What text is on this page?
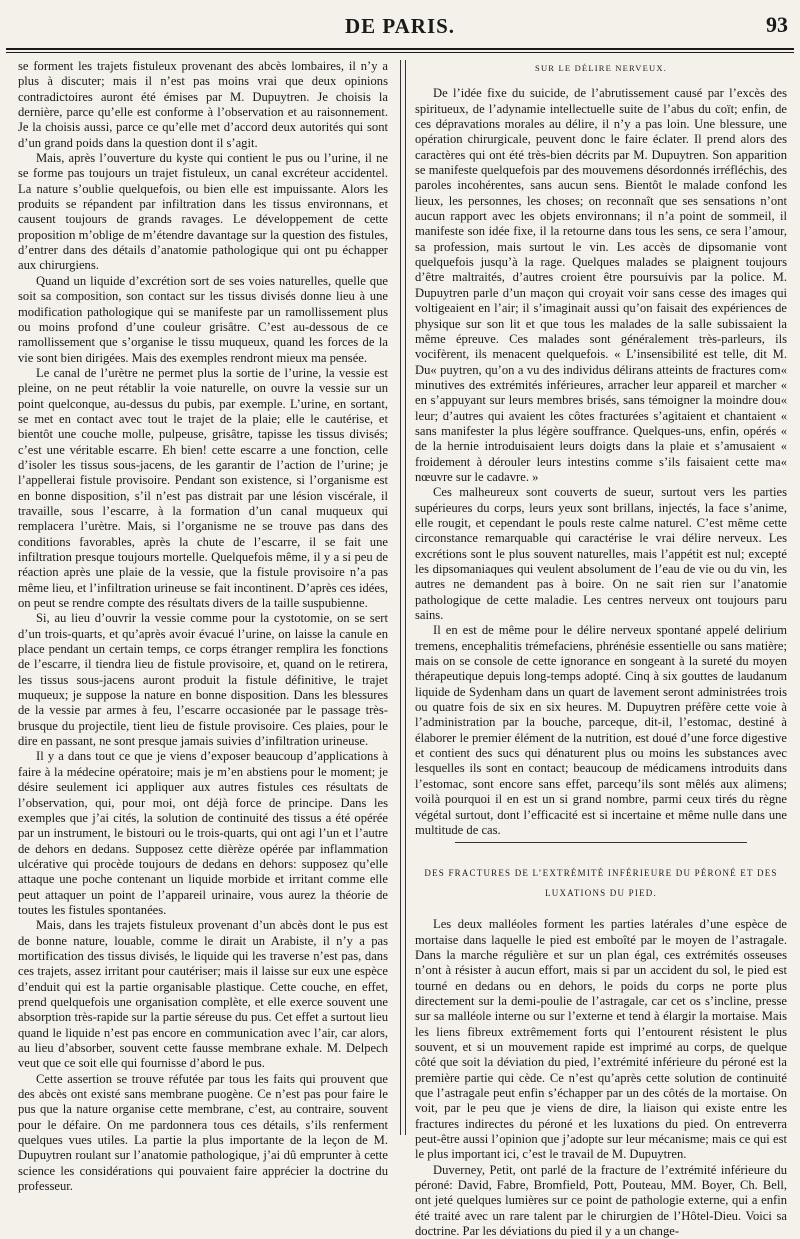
DE PARIS.	93

se forment les trajets fistuleux provenant des abcès lombaires, il n’y a plus à discuter; mais il n’est pas moins vrai que deux opinions contradictoires auront été émises par M. Dupuytren. Je choisis la dernière, parce qu’elle est conforme à l’observation et au raisonnement. Je la choisis aussi, parce ce qu’elle met d’accord deux autorités qui sont d’un grand poids dans la question dont il s’agit.

Mais, après l’ouverture du kyste qui contient le pus ou l’urine, il ne se forme pas toujours un trajet fistuleux, un canal excréteur accidentel. La nature s’oublie quelquefois, ou bien elle est impuissante. Alors les produits se répandent par infiltration dans les tissus environnans, et causent toujours de grands ravages. Le développement de cette proposition m’oblige de m’étendre davantage sur la question des fistules, d’entrer dans des détails d’anatomie pathologique qui ont pu échapper aux chirurgiens.

Quand un liquide d’excrétion sort de ses voies naturelles, quelle que soit sa composition, son contact sur les tissus divisés donne lieu à une modification pathologique qui se manifeste par un ramollissement plus ou moins profond d’une couleur grisâtre. C’est au-dessous de ce ramollissement que s’organise le tissu muqueux, quand les forces de la vie sont bien dirigées. Mais des exemples rendront mieux ma pensée.

Le canal de l’urètre ne permet plus la sortie de l’urine, la vessie est pleine, on ne peut rétablir la voie naturelle, on ouvre la vessie sur un point quelconque, au-dessus du pubis, par exemple. L’urine, en sortant, se met en contact avec tout le trajet de la plaie; elle le cautérise, et bientôt une couche molle, pulpeuse, grisâtre, tapisse les tissus divisés; c’est une véritable escarre. Eh bien! cette escarre a une fonction, celle d’isoler les tissus sous-jacens, de les garantir de l’action de l’urine; je l’appellerai fistule provisoire. Pendant son existence, si l’organisme est en bonne disposition, s’il n’est pas distrait par une lésion viscérale, il travaille, sous l’escarre, à la formation d’un canal muqueux qui remplacera l’urètre. Mais, si l’organisme ne se trouve pas dans des conditions favorables, après la chute de l’escarre, il se fait une infiltration presque toujours mortelle. Quelquefois même, il y a si peu de réaction après une plaie de la vessie, que la fistule provisoire n’a pas même lieu, et l’infiltration urineuse se fait incontinent. D’après ces idées, on peut se rendre compte des résultats divers de la taille suspubienne.

Si, au lieu d’ouvrir la vessie comme pour la cystotomie, on se sert d’un trois-quarts, et qu’après avoir évacué l’urine, on laisse la canule en place pendant un certain temps, ce corps étranger remplira les fonctions de l’escarre, il tiendra lieu de fistule provisoire, et, quand on le retirera, les tissus sous-jacens auront produit la fistule définitive, le trajet muqueux; je suppose la nature en bonne disposition. Dans les blessures de la vessie par armes à feu, l’escarre occasionée par le passage très-brusque du projectile, tient lieu de fistule provisoire. Ces plaies, pour le dire en passant, ne sont presque jamais suivies d’infiltration urineuse.

Il y a dans tout ce que je viens d’exposer beaucoup d’applications à faire à la médecine opératoire; mais je m’en abstiens pour le moment; je désire seulement ici appliquer aux autres fistules ces résultats de l’observation, qui, pour moi, ont déjà force de principe. Dans les exemples que j’ai cités, la solution de continuité des tissus a été opérée par un instrument, le bistouri ou le trois-quarts, qui ont agi l’un et l’autre de dehors en dedans. Supposez cette dièrèze opérée par inflammation ulcérative qui procède toujours de dedans en dehors: supposez qu’elle attaque une poche contenant un liquide morbide et irritant comme elle peut attaquer un point de l’appareil urinaire, vous aurez la théorie de toutes les fistules spontanées.

Mais, dans les trajets fistuleux provenant d’un abcès dont le pus est de bonne nature, louable, comme le dirait un Arabiste, il n’y a pas mortification des tissus divisés, le liquide qui les traverse n’est pas, dans ces trajets, assez irritant pour cautériser; mais il laisse sur eux une espèce d’enduit qui est la partie organisable plastique. Cette couche, en effet, prend quelquefois une organisation complète, et elle exerce souvent une absorption très-rapide sur la partie séreuse du pus. Cet effet a surtout lieu quand le liquide n’est pas encore en communication avec l’air, car alors, au lieu d’absorber, souvent cette fausse membrane exhale. M. Delpech veut que ce soit elle qui fournisse d’abord le pus.

Cette assertion se trouve réfutée par tous les faits qui prouvent que des abcès ont existé sans membrane puogène. Ce n’est pas pour faire le pus que la nature organise cette membrane, c’est, au contraire, souvent pour le défaire. On me pardonnera tous ces détails, s’ils renferment quelques vues utiles. La partie la plus importante de la leçon de M. Dupuytren roulant sur l’anatomie pathologique, j’ai dû emprunter à cette science les considérations qui pouvaient faire apprécier la doctrine du professeur.

SUR LE DÉLIRE NERVEUX.

De l’idée fixe du suicide, de l’abrutissement causé par l’excès des spiritueux, de l’adynamie intellectuelle suite de l’abus du coït; enfin, de ces dépravations morales au délire, il n’y a pas loin. Une blessure, une opération chirurgicale, peuvent donc le faire éclater. Il prend alors des caractères qui ont été très-bien décrits par M. Dupuytren. Son apparition se manifeste quelquefois par des mouvemens désordonnés irréfléchis, des paroles incohérentes, sans aucun sens. Bientôt le malade confond les lieux, les personnes, les choses; on reconnaît que ses sensations n’ont aucun rapport avec les objets environnans; il n’a point de sommeil, il manifeste son idée fixe, il la retourne dans tous les sens, ce sera l’amour, sa profession, mais surtout le vin. Les accès de dipsomanie vont quelquefois jusqu’à la rage. Quelques malades se plaignent toujours d’être maltraités, d’autres croient être poursuivis par la police. M. Dupuytren parle d’un maçon qui croyait voir sans cesse des images qui voltigeaient en l’air; il s’imaginait aussi qu’on faisait des expériences de physique sur son lit et que tous les malades de la salle subissaient la même épreuve. Ces malades sont généralement très-parleurs, ils vocifèrent, ils menacent quelquefois. « L’insensibilité est telle, dit M. Du« puytren, qu’on a vu des individus délirans atteints de fractures com« minutives des extrémités inférieures, arracher leur appareil et marcher « en s’appuyant sur leurs membres brisés, sans témoigner la moindre dou« leur; d’autres qui avaient les côtes fracturées s’agitaient et chantaient « sans manifester la plus légère souffrance. Quelques-uns, enfin, opérés « de la hernie introduisaient leurs doigts dans la plaie et s’amusaient « froidement à dérouler leurs intestins comme s’ils faisaient cette ma« nœuvre sur le cadavre. »

Ces malheureux sont couverts de sueur, surtout vers les parties supérieures du corps, leurs yeux sont brillans, injectés, la face s’anime, elle rougit, et cependant le pouls reste calme naturel. C’est même cette circonstance remarquable qui caractérise le vrai délire nerveux. Les excrétions sont le plus souvent naturelles, mais l’appétit est nul; excepté les dipsomaniaques qui veulent absolument de l’eau de vie ou du vin, les autres ne demandent pas à boire. On ne sait rien sur l’anatomie pathologique de cette maladie. Les centres nerveux ont toujours paru sains.

Il en est de même pour le délire nerveux spontané appelé delirium tremens, encephalitis trémefaciens, phrénésie essentielle ou sans matière; mais on se console de cette ignorance en songeant à la sureté du moyen thérapeutique depuis long-temps adopté. Cinq à six gouttes de laudanum liquide de Sydenham dans un quart de lavement seront administrées trois ou quatre fois de six en six heures. M. Dupuytren préfère cette voie à l’administration par la bouche, parceque, dit-il, l’estomac, destiné à élaborer le premier élément de la nutrition, est doué d’une force digestive et contient des sucs qui dénaturent plus ou moins les substances avec lesquelles ils sont en contact; beaucoup de médicamens introduits dans l’estomac, sont encore sans effet, parcequ’ils sont mêlés aux alimens; voilà pourquoi il en est un si grand nombre, parmi ceux tirés du règne végétal surtout, dont l’efficacité est si incertaine et même nulle dans une multitude de cas.

DES FRACTURES DE L’EXTRÉMITÉ INFÉRIEURE DU PÉRONÉ ET DES LUXATIONS DU PIED.

Les deux malléoles forment les parties latérales d’une espèce de mortaise dans laquelle le pied est emboîté par le moyen de l’astragale. Dans la marche régulière et sur un plan égal, ces extrémités osseuses n’ont à résister à aucun effort, mais si par un accident du sol, le pied est tourné en dedans ou en dehors, le poids du corps ne porte plus directement sur la demi-poulie de l’astragale, car cet os s’incline, presse sur sa malléole interne ou sur l’externe et tend à élargir la mortaise. Mais les liens fibreux extrêmement forts qui l’entourent résistent le plus souvent, et si un mouvement rapide est imprimé au corps, de quelque côté que soit la déviation du pied, l’extrémité inférieure du péroné est la première partie qui cède. Ce n’est qu’après cette solution de continuité que l’astragale peut enfin s’échapper par un des côtés de la mortaise. On voit, par le peu que je viens de dire, la liaison qui existe entre les fractures indirectes du péroné et les luxations du pied. On entreverra peut-être aussi l’opinion que j’adopte sur leur mécanisme; mais ce qui est le plus important ici, c’est le travail de M. Dupuytren.

Duverney, Petit, ont parlé de la fracture de l’extrémité inférieure du péroné: David, Fabre, Bromfield, Pott, Pouteau, MM. Boyer, Ch. Bell, ont jeté quelques lumières sur ce point de pathologie externe, qui a enfin été traité avec un rare talent par le chirurgien de l’Hôtel-Dieu. Voici sa doctrine. Par les déviations du pied il y a un change-
